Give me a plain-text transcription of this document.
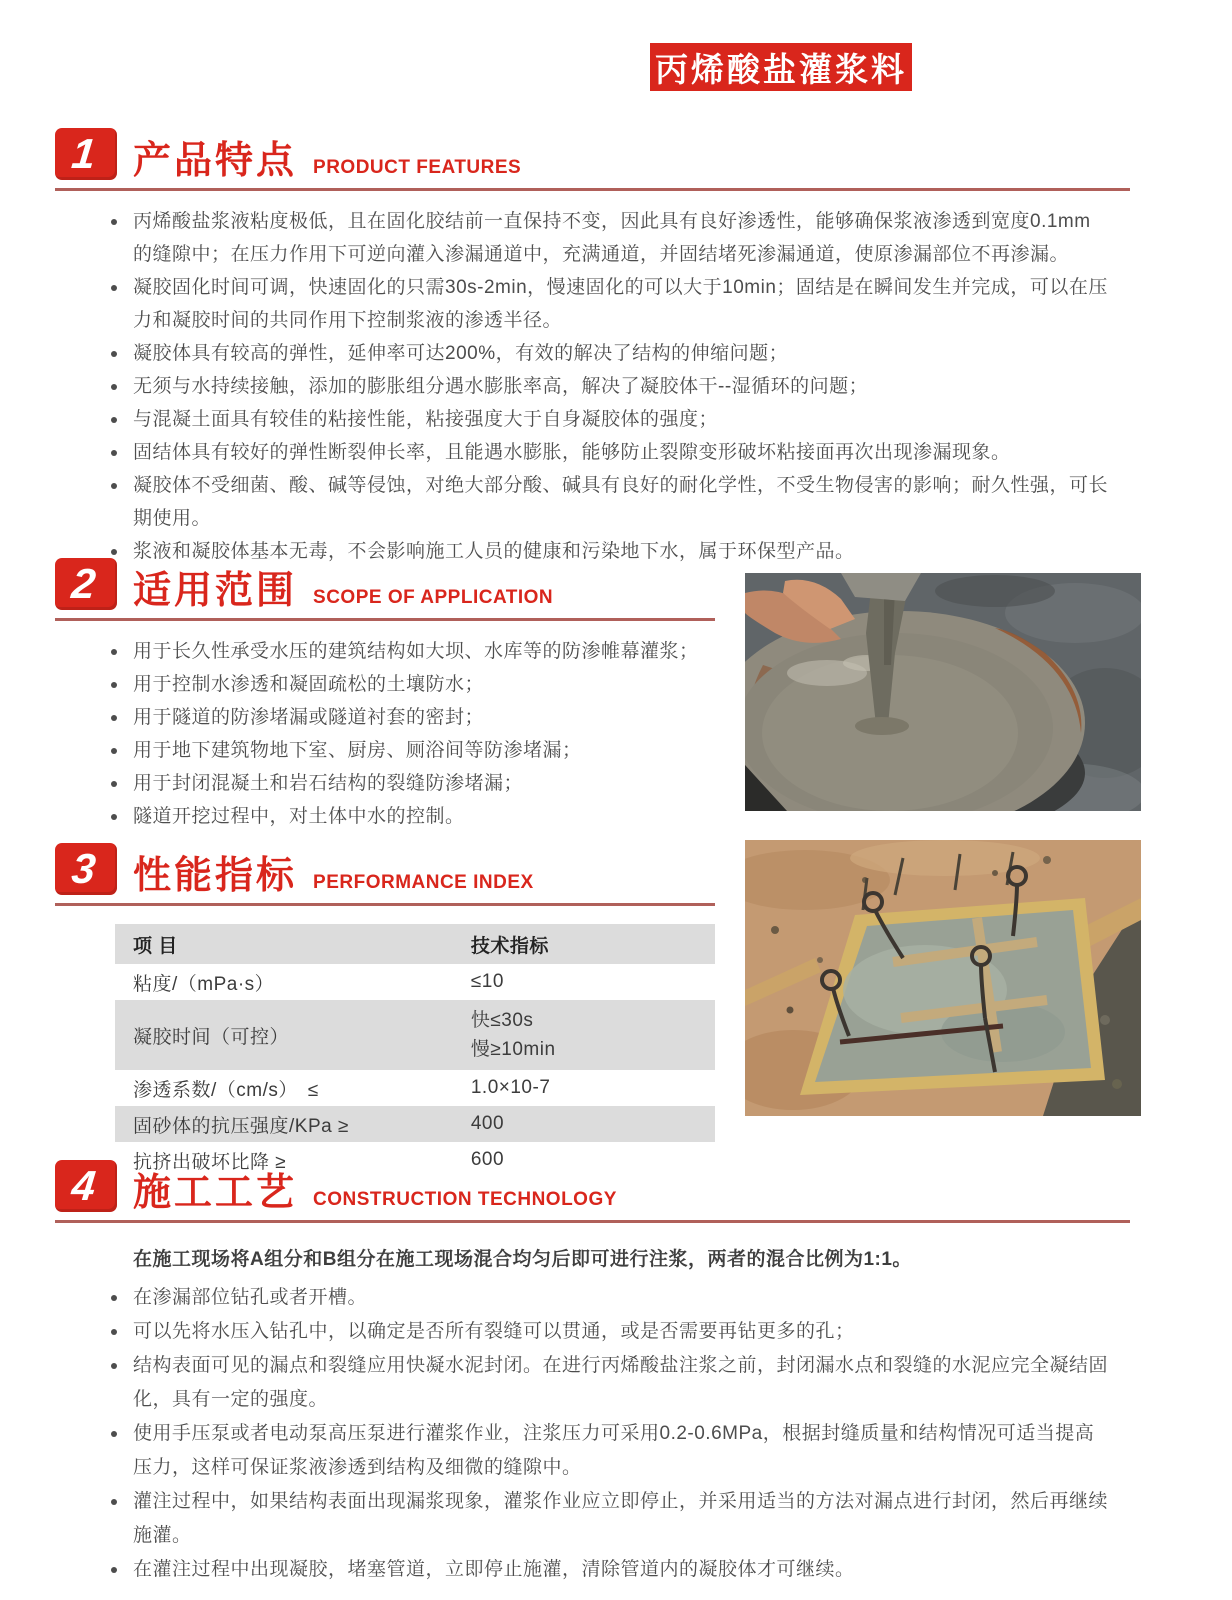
丙烯酸盐灌浆料
1 产品特点 PRODUCT FEATURES
丙烯酸盐浆液粘度极低，且在固化胶结前一直保持不变，因此具有良好渗透性，能够确保浆液渗透到宽度0.1mm的缝隙中；在压力作用下可逆向灌入渗漏通道中，充满通道，并固结堵死渗漏通道，使原渗漏部位不再渗漏。
凝胶固化时间可调，快速固化的只需30s-2min，慢速固化的可以大于10min；固结是在瞬间发生并完成，可以在压力和凝胶时间的共同作用下控制浆液的渗透半径。
凝胶体具有较高的弹性，延伸率可达200%，有效的解决了结构的伸缩问题；
无须与水持续接触，添加的膨胀组分遇水膨胀率高，解决了凝胶体干--湿循环的问题；
与混凝土面具有较佳的粘接性能，粘接强度大于自身凝胶体的强度；
固结体具有较好的弹性断裂伸长率，且能遇水膨胀，能够防止裂隙变形破坏粘接面再次出现渗漏现象。
凝胶体不受细菌、酸、碱等侵蚀，对绝大部分酸、碱具有良好的耐化学性，不受生物侵害的影响；耐久性强，可长期使用。
浆液和凝胶体基本无毒，不会影响施工人员的健康和污染地下水，属于环保型产品。
2 适用范围 SCOPE OF APPLICATION
用于长久性承受水压的建筑结构如大坝、水库等的防渗帷幕灌浆；
用于控制水渗透和凝固疏松的土壤防水；
用于隧道的防渗堵漏或隧道衬套的密封；
用于地下建筑物地下室、厨房、厕浴间等防渗堵漏；
用于封闭混凝土和岩石结构的裂缝防渗堵漏；
隧道开挖过程中，对土体中水的控制。
3 性能指标 PERFORMANCE INDEX
项 目	技术指标
粘度/（mPa·s）	≤10
凝胶时间（可控）	快≤30s
慢≥10min

渗透系数/（cm/s）　≤	1.0×10-7
固砂体的抗压强度/KPa ≥	400
抗挤出破坏比降 ≥	600
4 施工工艺 CONSTRUCTION TECHNOLOGY
在施工现场将A组分和B组分在施工现场混合均匀后即可进行注浆，两者的混合比例为1:1。
在渗漏部位钻孔或者开槽。
可以先将水压入钻孔中，以确定是否所有裂缝可以贯通，或是否需要再钻更多的孔；
结构表面可见的漏点和裂缝应用快凝水泥封闭。在进行丙烯酸盐注浆之前，封闭漏水点和裂缝的水泥应完全凝结固化，具有一定的强度。
使用手压泵或者电动泵高压泵进行灌浆作业，注浆压力可采用0.2-0.6MPa，根据封缝质量和结构情况可适当提高压力，这样可保证浆液渗透到结构及细微的缝隙中。
灌注过程中，如果结构表面出现漏浆现象，灌浆作业应立即停止，并采用适当的方法对漏点进行封闭，然后再继续施灌。
在灌注过程中出现凝胶，堵塞管道，立即停止施灌，清除管道内的凝胶体才可继续。
